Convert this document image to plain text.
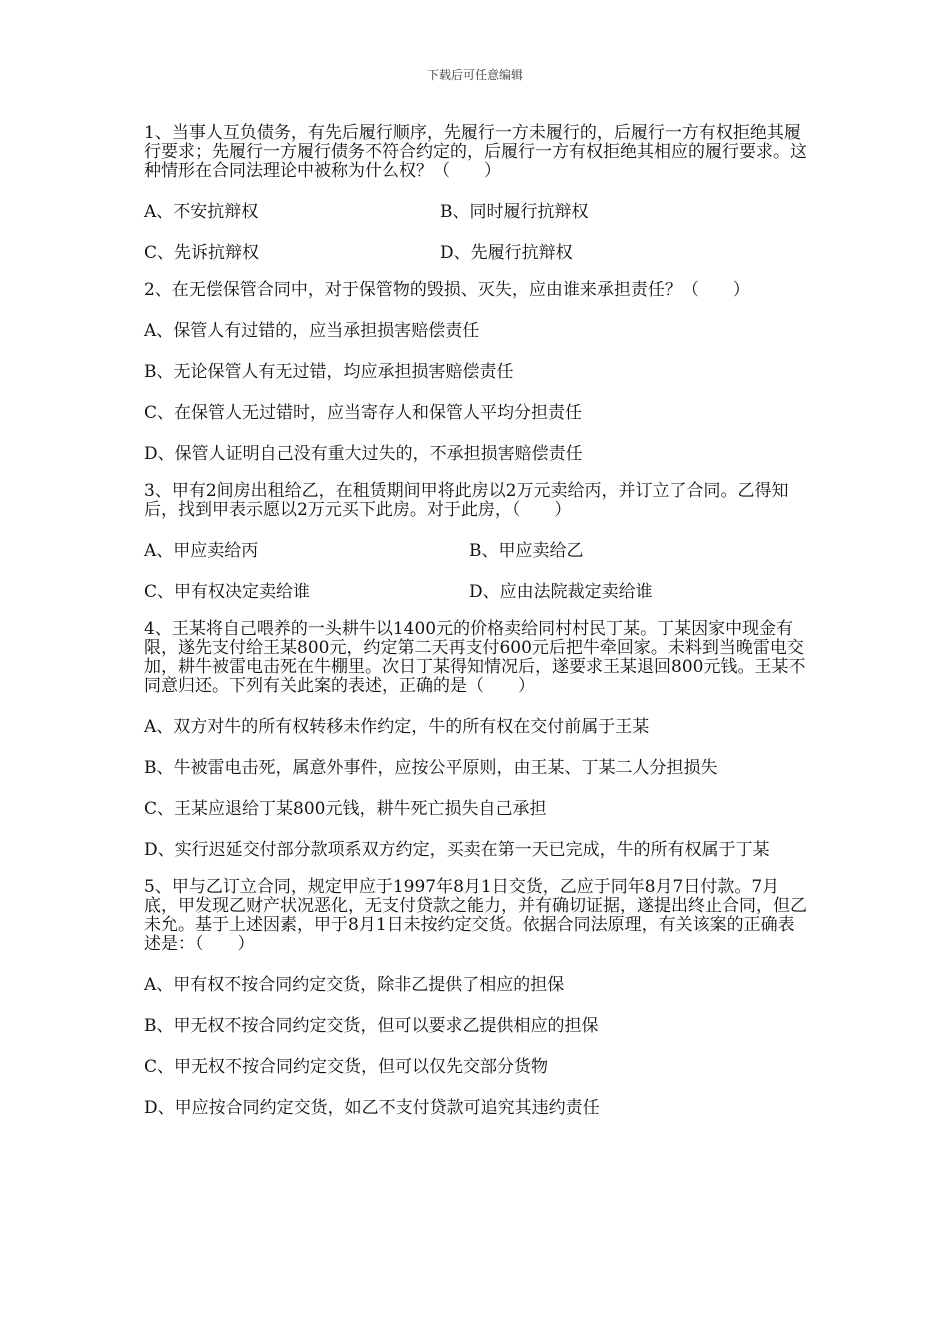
下载后可任意编辑

1、当事人互负债务，有先后履行顺序，先履行一方未履行的，后履行一方有权拒绝其履行要求；先履行一方履行债务不符合约定的，后履行一方有权拒绝其相应的履行要求。这种情形在合同法理论中被称为什么权？（　　）

A、不安抗辩权	B、同时履行抗辩权

C、先诉抗辩权	D、先履行抗辩权

2、在无偿保管合同中，对于保管物的毁损、灭失，应由谁来承担责任？（　　）

A、保管人有过错的，应当承担损害赔偿责任

B、无论保管人有无过错，均应承担损害赔偿责任

C、在保管人无过错时，应当寄存人和保管人平均分担责任

D、保管人证明自己没有重大过失的，不承担损害赔偿责任

3、甲有2间房出租给乙，在租赁期间甲将此房以2万元卖给丙，并订立了合同。乙得知后，找到甲表示愿以2万元买下此房。对于此房，（　　）

A、甲应卖给丙	B、甲应卖给乙

C、甲有权决定卖给谁	D、应由法院裁定卖给谁

4、王某将自己喂养的一头耕牛以1400元的价格卖给同村村民丁某。丁某因家中现金有限，遂先支付给王某800元，约定第二天再支付600元后把牛牵回家。未料到当晚雷电交加，耕牛被雷电击死在牛棚里。次日丁某得知情况后，遂要求王某退回800元钱。王某不同意归还。下列有关此案的表述，正确的是（　　）

A、双方对牛的所有权转移未作约定，牛的所有权在交付前属于王某

B、牛被雷电击死，属意外事件，应按公平原则，由王某、丁某二人分担损失

C、王某应退给丁某800元钱，耕牛死亡损失自己承担

D、实行迟延交付部分款项系双方约定，买卖在第一天已完成，牛的所有权属于丁某

5、甲与乙订立合同，规定甲应于1997年8月1日交货，乙应于同年8月7日付款。7月底，甲发现乙财产状况恶化，无支付贷款之能力，并有确切证据，遂提出终止合同，但乙未允。基于上述因素，甲于8月1日未按约定交货。依据合同法原理，有关该案的正确表述是：（　　）

A、甲有权不按合同约定交货，除非乙提供了相应的担保

B、甲无权不按合同约定交货，但可以要求乙提供相应的担保

C、甲无权不按合同约定交货，但可以仅先交部分货物

D、甲应按合同约定交货，如乙不支付贷款可追究其违约责任
